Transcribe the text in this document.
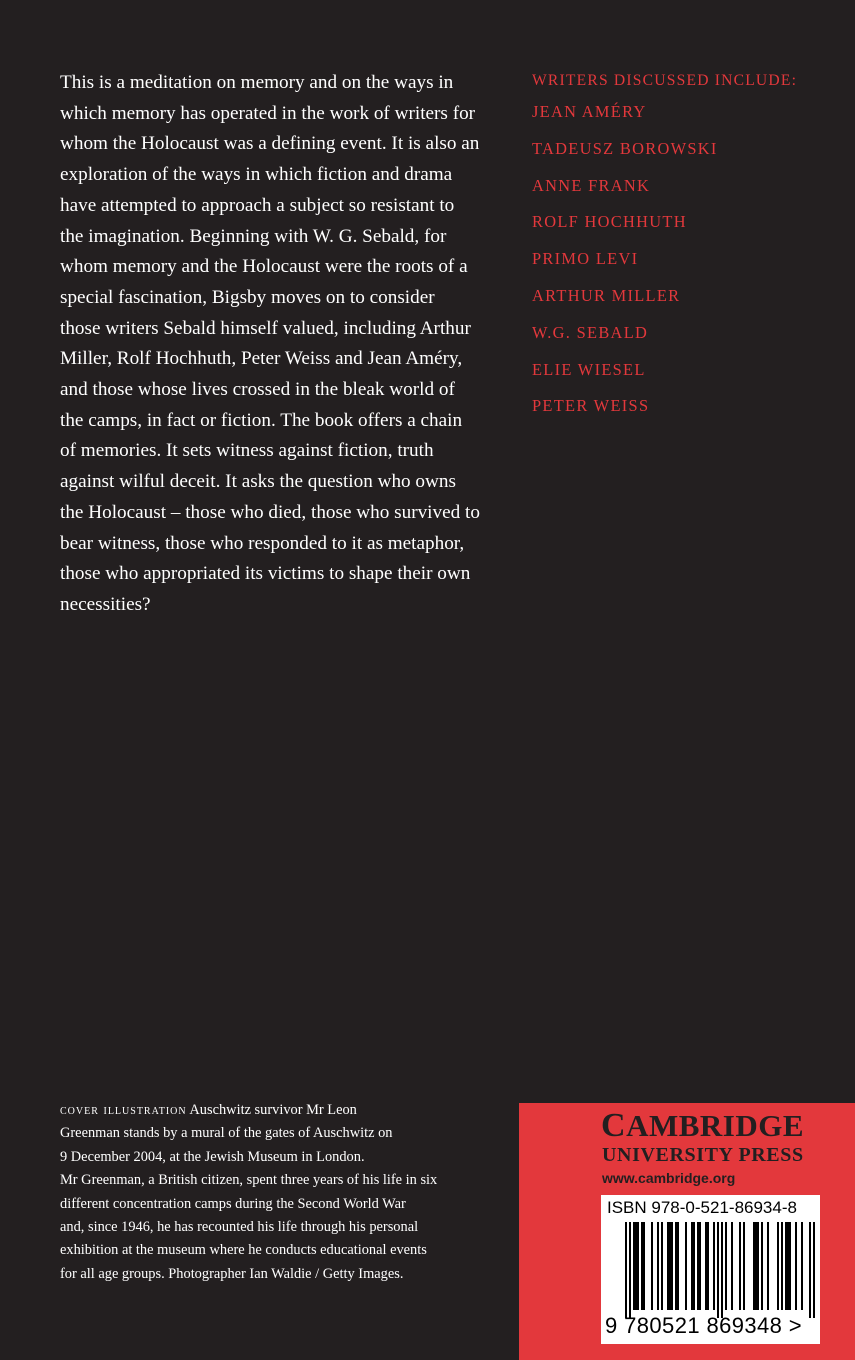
This is a meditation on memory and on the ways in
which memory has operated in the work of writers for
whom the Holocaust was a defining event. It is also an
exploration of the ways in which fiction and drama
have attempted to approach a subject so resistant to
the imagination. Beginning with W. G. Sebald, for
whom memory and the Holocaust were the roots of a
special fascination, Bigsby moves on to consider
those writers Sebald himself valued, including Arthur
Miller, Rolf Hochhuth, Peter Weiss and Jean Améry,
and those whose lives crossed in the bleak world of
the camps, in fact or fiction. The book offers a chain
of memories. It sets witness against fiction, truth
against wilful deceit. It asks the question who owns
the Holocaust – those who died, those who survived to
bear witness, those who responded to it as metaphor,
those who appropriated its victims to shape their own
necessities?

WRITERS DISCUSSED INCLUDE:

JEAN AMÉRY
TADEUSZ BOROWSKI
ANNE FRANK
ROLF HOCHHUTH
PRIMO LEVI
ARTHUR MILLER
W.G. SEBALD
ELIE WIESEL
PETER WEISS
cover illustration Auschwitz survivor Mr Leon
Greenman stands by a mural of the gates of Auschwitz on
9 December 2004, at the Jewish Museum in London.
Mr Greenman, a British citizen, spent three years of his life in six
different concentration camps during the Second World War
and, since 1946, he has recounted his life through his personal
exhibition at the museum where he conducts educational events
for all age groups. Photographer Ian Waldie / Getty Images.
CAMBRIDGE
UNIVERSITY PRESS
www.cambridge.org
ISBN 978-0-521-86934-8
9 780521 869348 >
